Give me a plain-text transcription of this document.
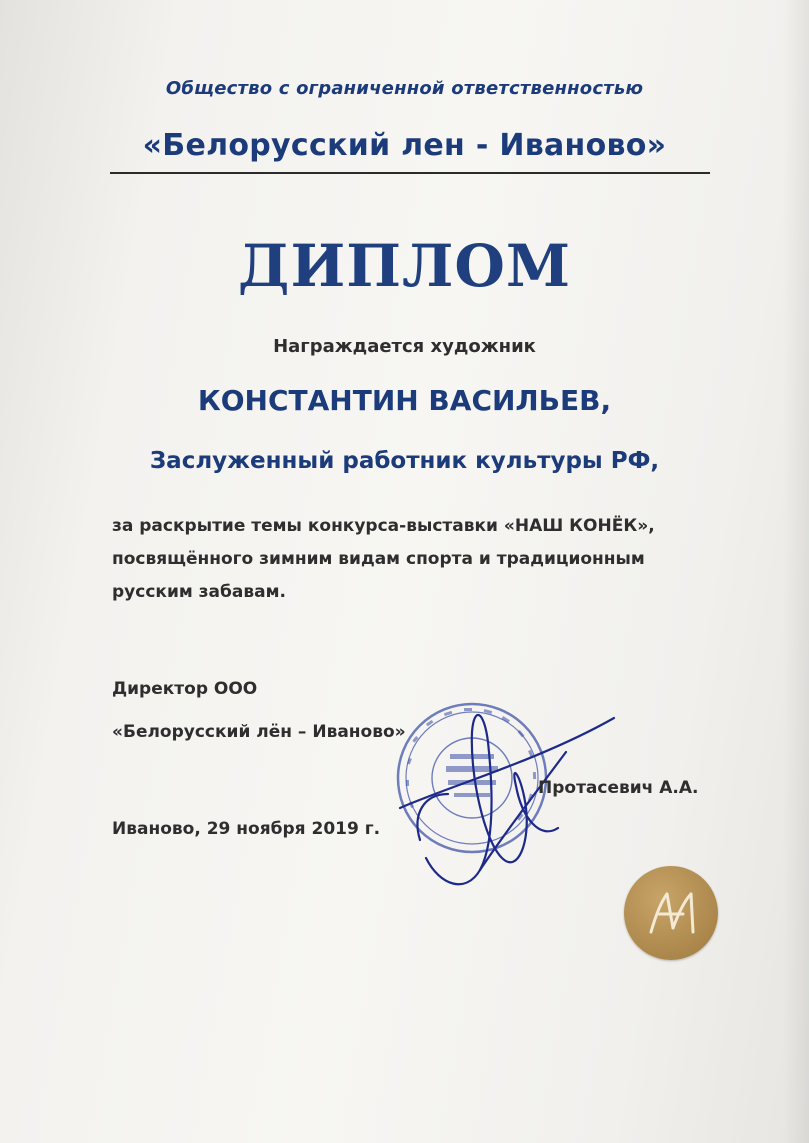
Общество с ограниченной ответственностью
«Белорусский лен - Иваново»
ДИПЛОМ
Награждается художник
КОНСТАНТИН ВАСИЛЬЕВ,
Заслуженный работник культуры РФ,
за раскрытие темы конкурса-выставки «НАШ КОНЁК»,
посвящённого зимним видам спорта и традиционным
русским забавам.
Директор ООО
«Белорусский лён – Иваново»
Протасевич А.А.
Иваново, 29 ноября 2019 г.
